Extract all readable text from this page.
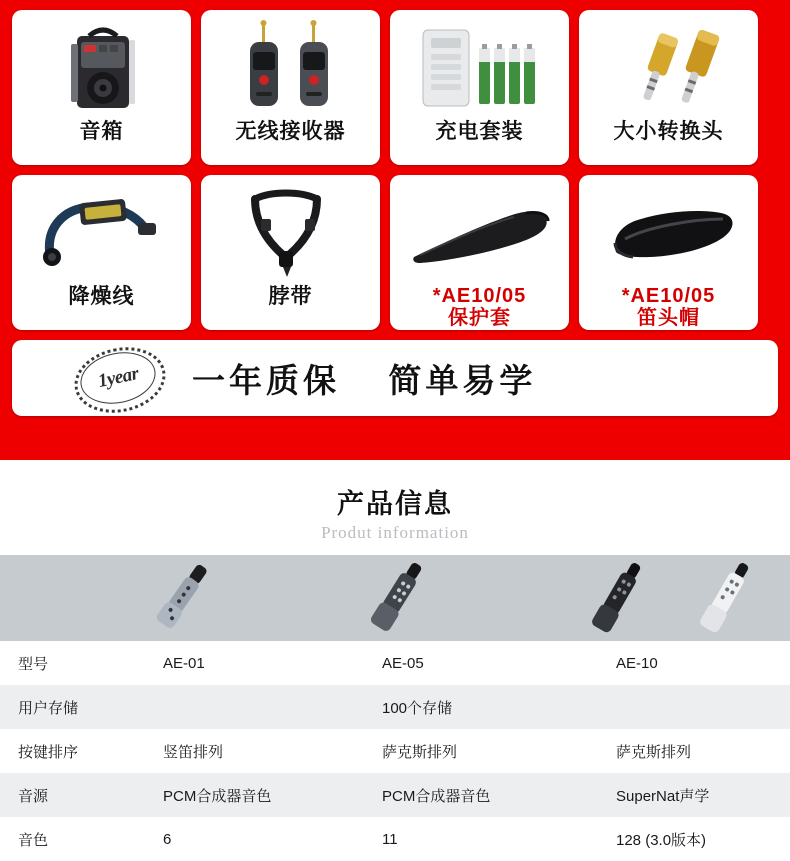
音箱	无线接收器	充电套装	大小转换头
降燥线	脖带	*AE10/05
保护套
*AE10/05
笛头帽
1year 一年质保 简单易学
产品信息
Produt information
型号	AE-01	AE-05	AE-10
用户存储		100个存储	
按键排序	竖笛排列	萨克斯排列	萨克斯排列
音源	PCM合成器音色	PCM合成器音色	SuperNat声学
音色	6	11	128 (3.0版本)
